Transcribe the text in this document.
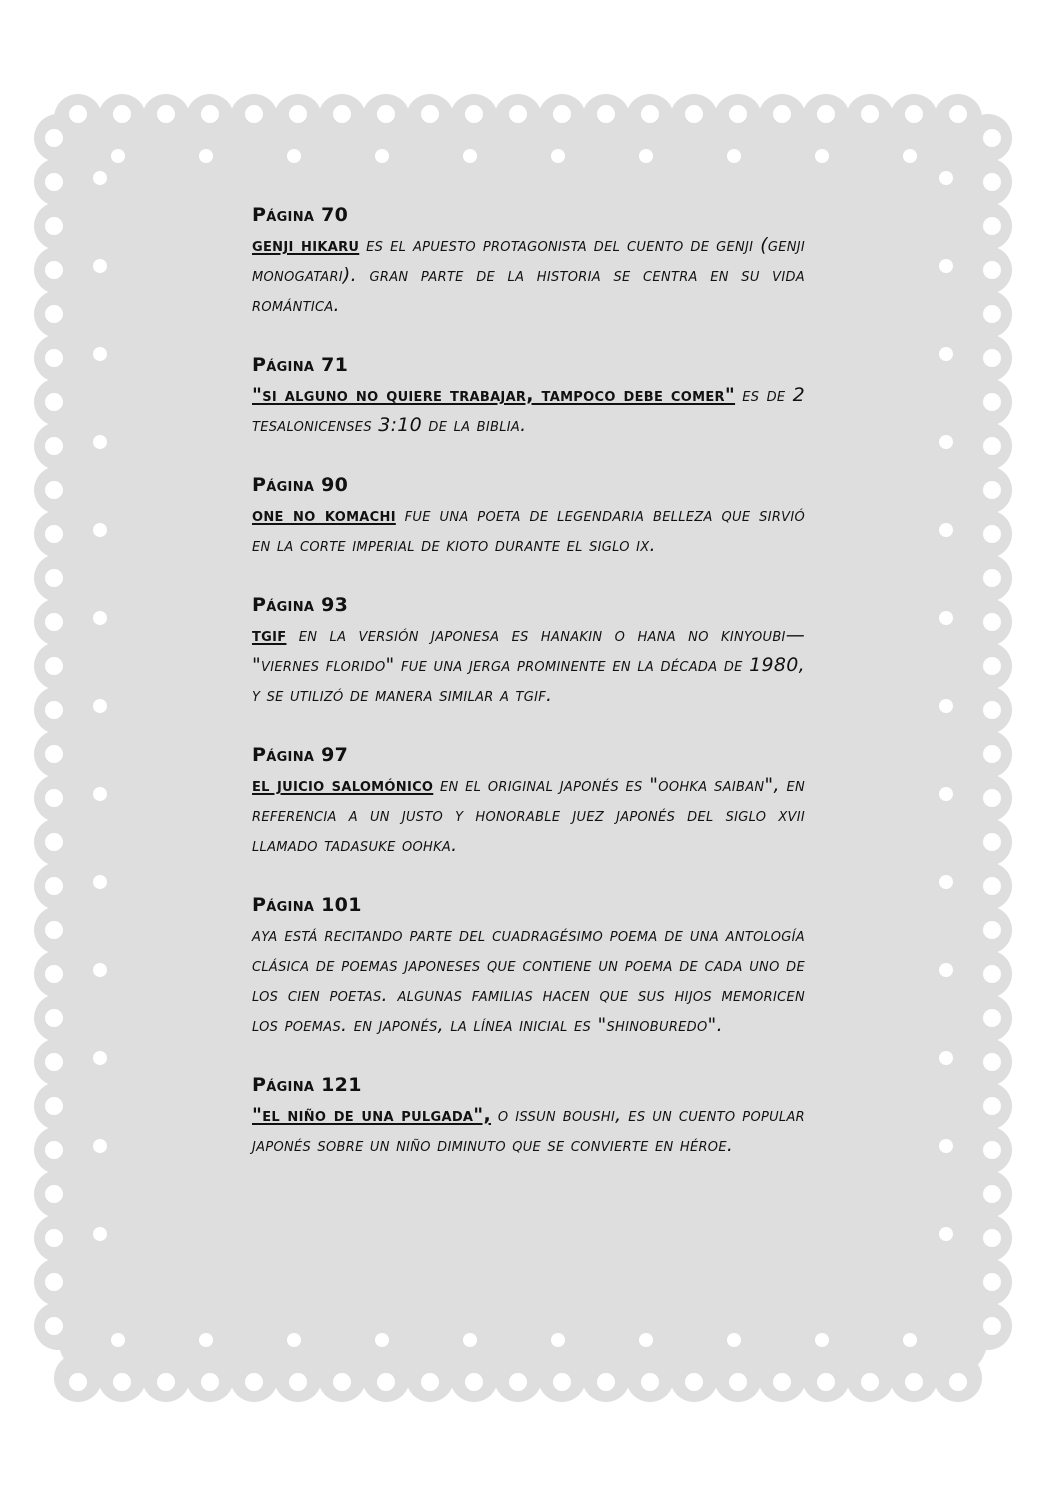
Página 70

genji hikaru es el apuesto protagonista del cuento de genji (genji monogatari). gran parte de la historia se centra en su vida romántica.

Página 71

"si alguno no quiere trabajar, tampoco debe comer" es de 2 tesalonicenses 3:10 de la biblia.

Página 90

one no komachi fue una poeta de legendaria belleza que sirvió en la corte imperial de kioto durante el siglo ix.

Página 93

tgif en la versión japonesa es hanakin o hana no kinyoubi— "viernes florido" fue una jerga prominente en la década de 1980, y se utilizó de manera similar a tgif.

Página 97

el juicio salomónico en el original japonés es "oohka saiban", en referencia a un justo y honorable juez japonés del siglo xvii llamado tadasuke oohka.

Página 101

aya está recitando parte del cuadragésimo poema de una antología clásica de poemas japoneses que contiene un poema de cada uno de los cien poetas. algunas familias hacen que sus hijos memoricen los poemas. en japonés, la línea inicial es "shinoburedo".

Página 121

"el niño de una pulgada", o issun boushi, es un cuento popular japonés sobre un niño diminuto que se convierte en héroe.
